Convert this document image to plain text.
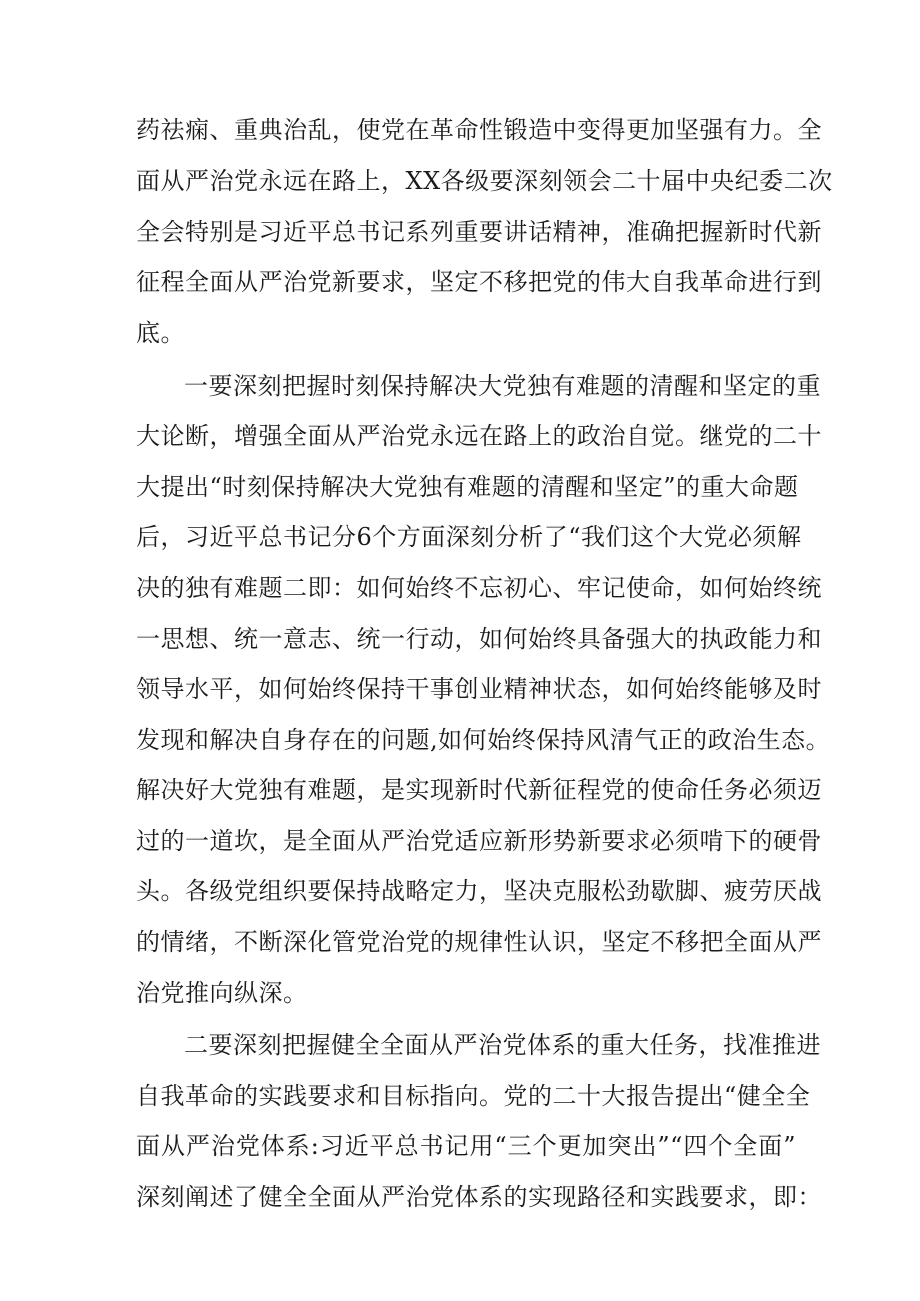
药祛痫、重典治乱，使党在革命性锻造中变得更加坚强有力。全
面从严治党永远在路上，XX各级要深刻领会二十届中央纪委二次
全会特别是习近平总书记系列重要讲话精神，准确把握新时代新
征程全面从严治党新要求，坚定不移把党的伟大自我革命进行到
底。
一要深刻把握时刻保持解决大党独有难题的清醒和坚定的重
大论断，增强全面从严治党永远在路上的政治自觉。继党的二十
大提出“时刻保持解决大党独有难题的清醒和坚定”的重大命题
后，习近平总书记分6个方面深刻分析了“我们这个大党必须解
决的独有难题二即：如何始终不忘初心、牢记使命，如何始终统
一思想、统一意志、统一行动，如何始终具备强大的执政能力和
领导水平，如何始终保持干事创业精神状态，如何始终能够及时
发现和解决自身存在的问题,如何始终保持风清气正的政治生态。
解决好大党独有难题，是实现新时代新征程党的使命任务必须迈
过的一道坎，是全面从严治党适应新形势新要求必须啃下的硬骨
头。各级党组织要保持战略定力，坚决克服松劲歇脚、疲劳厌战
的情绪，不断深化管党治党的规律性认识，坚定不移把全面从严
治党推向纵深。
二要深刻把握健全全面从严治党体系的重大任务，找准推进
自我革命的实践要求和目标指向。党的二十大报告提出“健全全
面从严治党体系:习近平总书记用“三个更加突出”“四个全面”
深刻阐述了健全全面从严治党体系的实现路径和实践要求，即：
